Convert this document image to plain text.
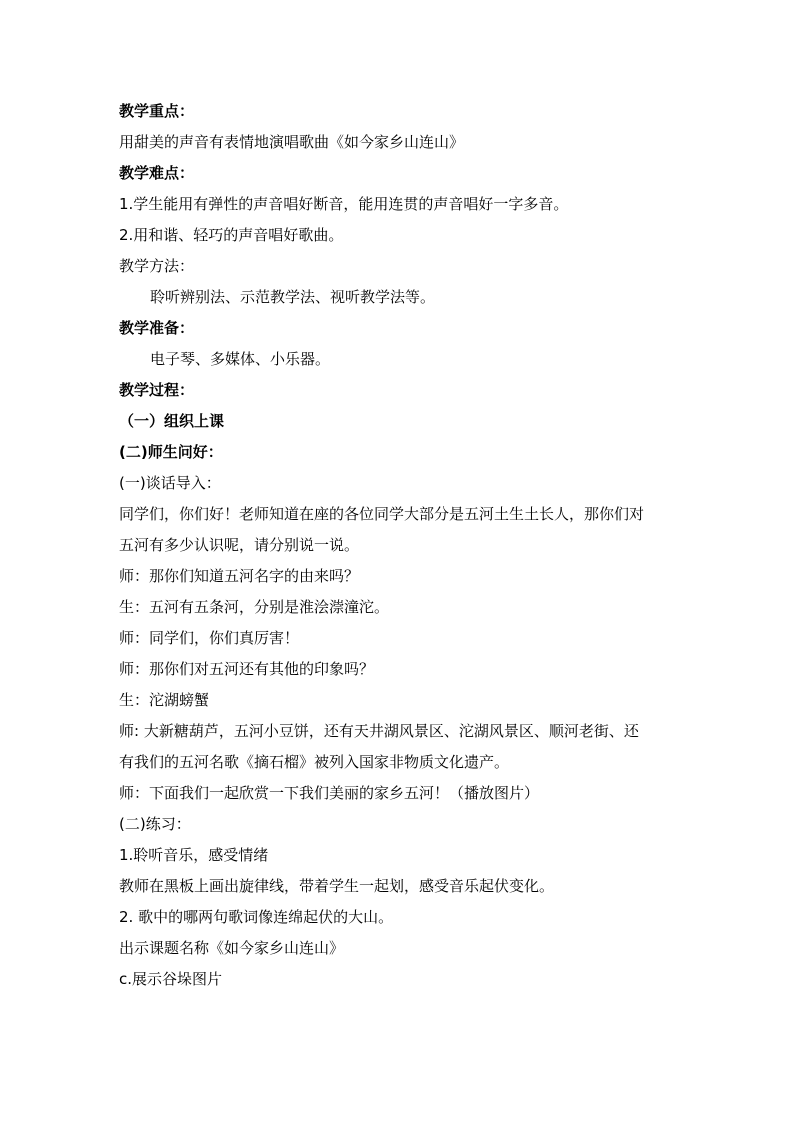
教学重点：
用甜美的声音有表情地演唱歌曲《如今家乡山连山》
教学难点：
1.学生能用有弹性的声音唱好断音，能用连贯的声音唱好一字多音。
2.用和谐、轻巧的声音唱好歌曲。
教学方法：
聆听辨别法、示范教学法、视听教学法等。
教学准备：
电子琴、多媒体、小乐器。
教学过程：
（一）组织上课
(二)师生问好：
(一)谈话导入：
同学们，你们好！老师知道在座的各位同学大部分是五河土生土长人，那你们对
五河有多少认识呢，请分别说一说。
师：那你们知道五河名字的由来吗？
生：五河有五条河，分别是淮浍漴潼沱。
师：同学们，你们真厉害！
师：那你们对五河还有其他的印象吗？
生：沱湖螃蟹
师: 大新糖葫芦，五河小豆饼，还有天井湖风景区、沱湖风景区、顺河老街、还
有我们的五河名歌《摘石榴》被列入国家非物质文化遗产。
师：下面我们一起欣赏一下我们美丽的家乡五河！（播放图片）
(二)练习：
1.聆听音乐，感受情绪
教师在黑板上画出旋律线，带着学生一起划，感受音乐起伏变化。
2. 歌中的哪两句歌词像连绵起伏的大山。
出示课题名称《如今家乡山连山》
c.展示谷垛图片
